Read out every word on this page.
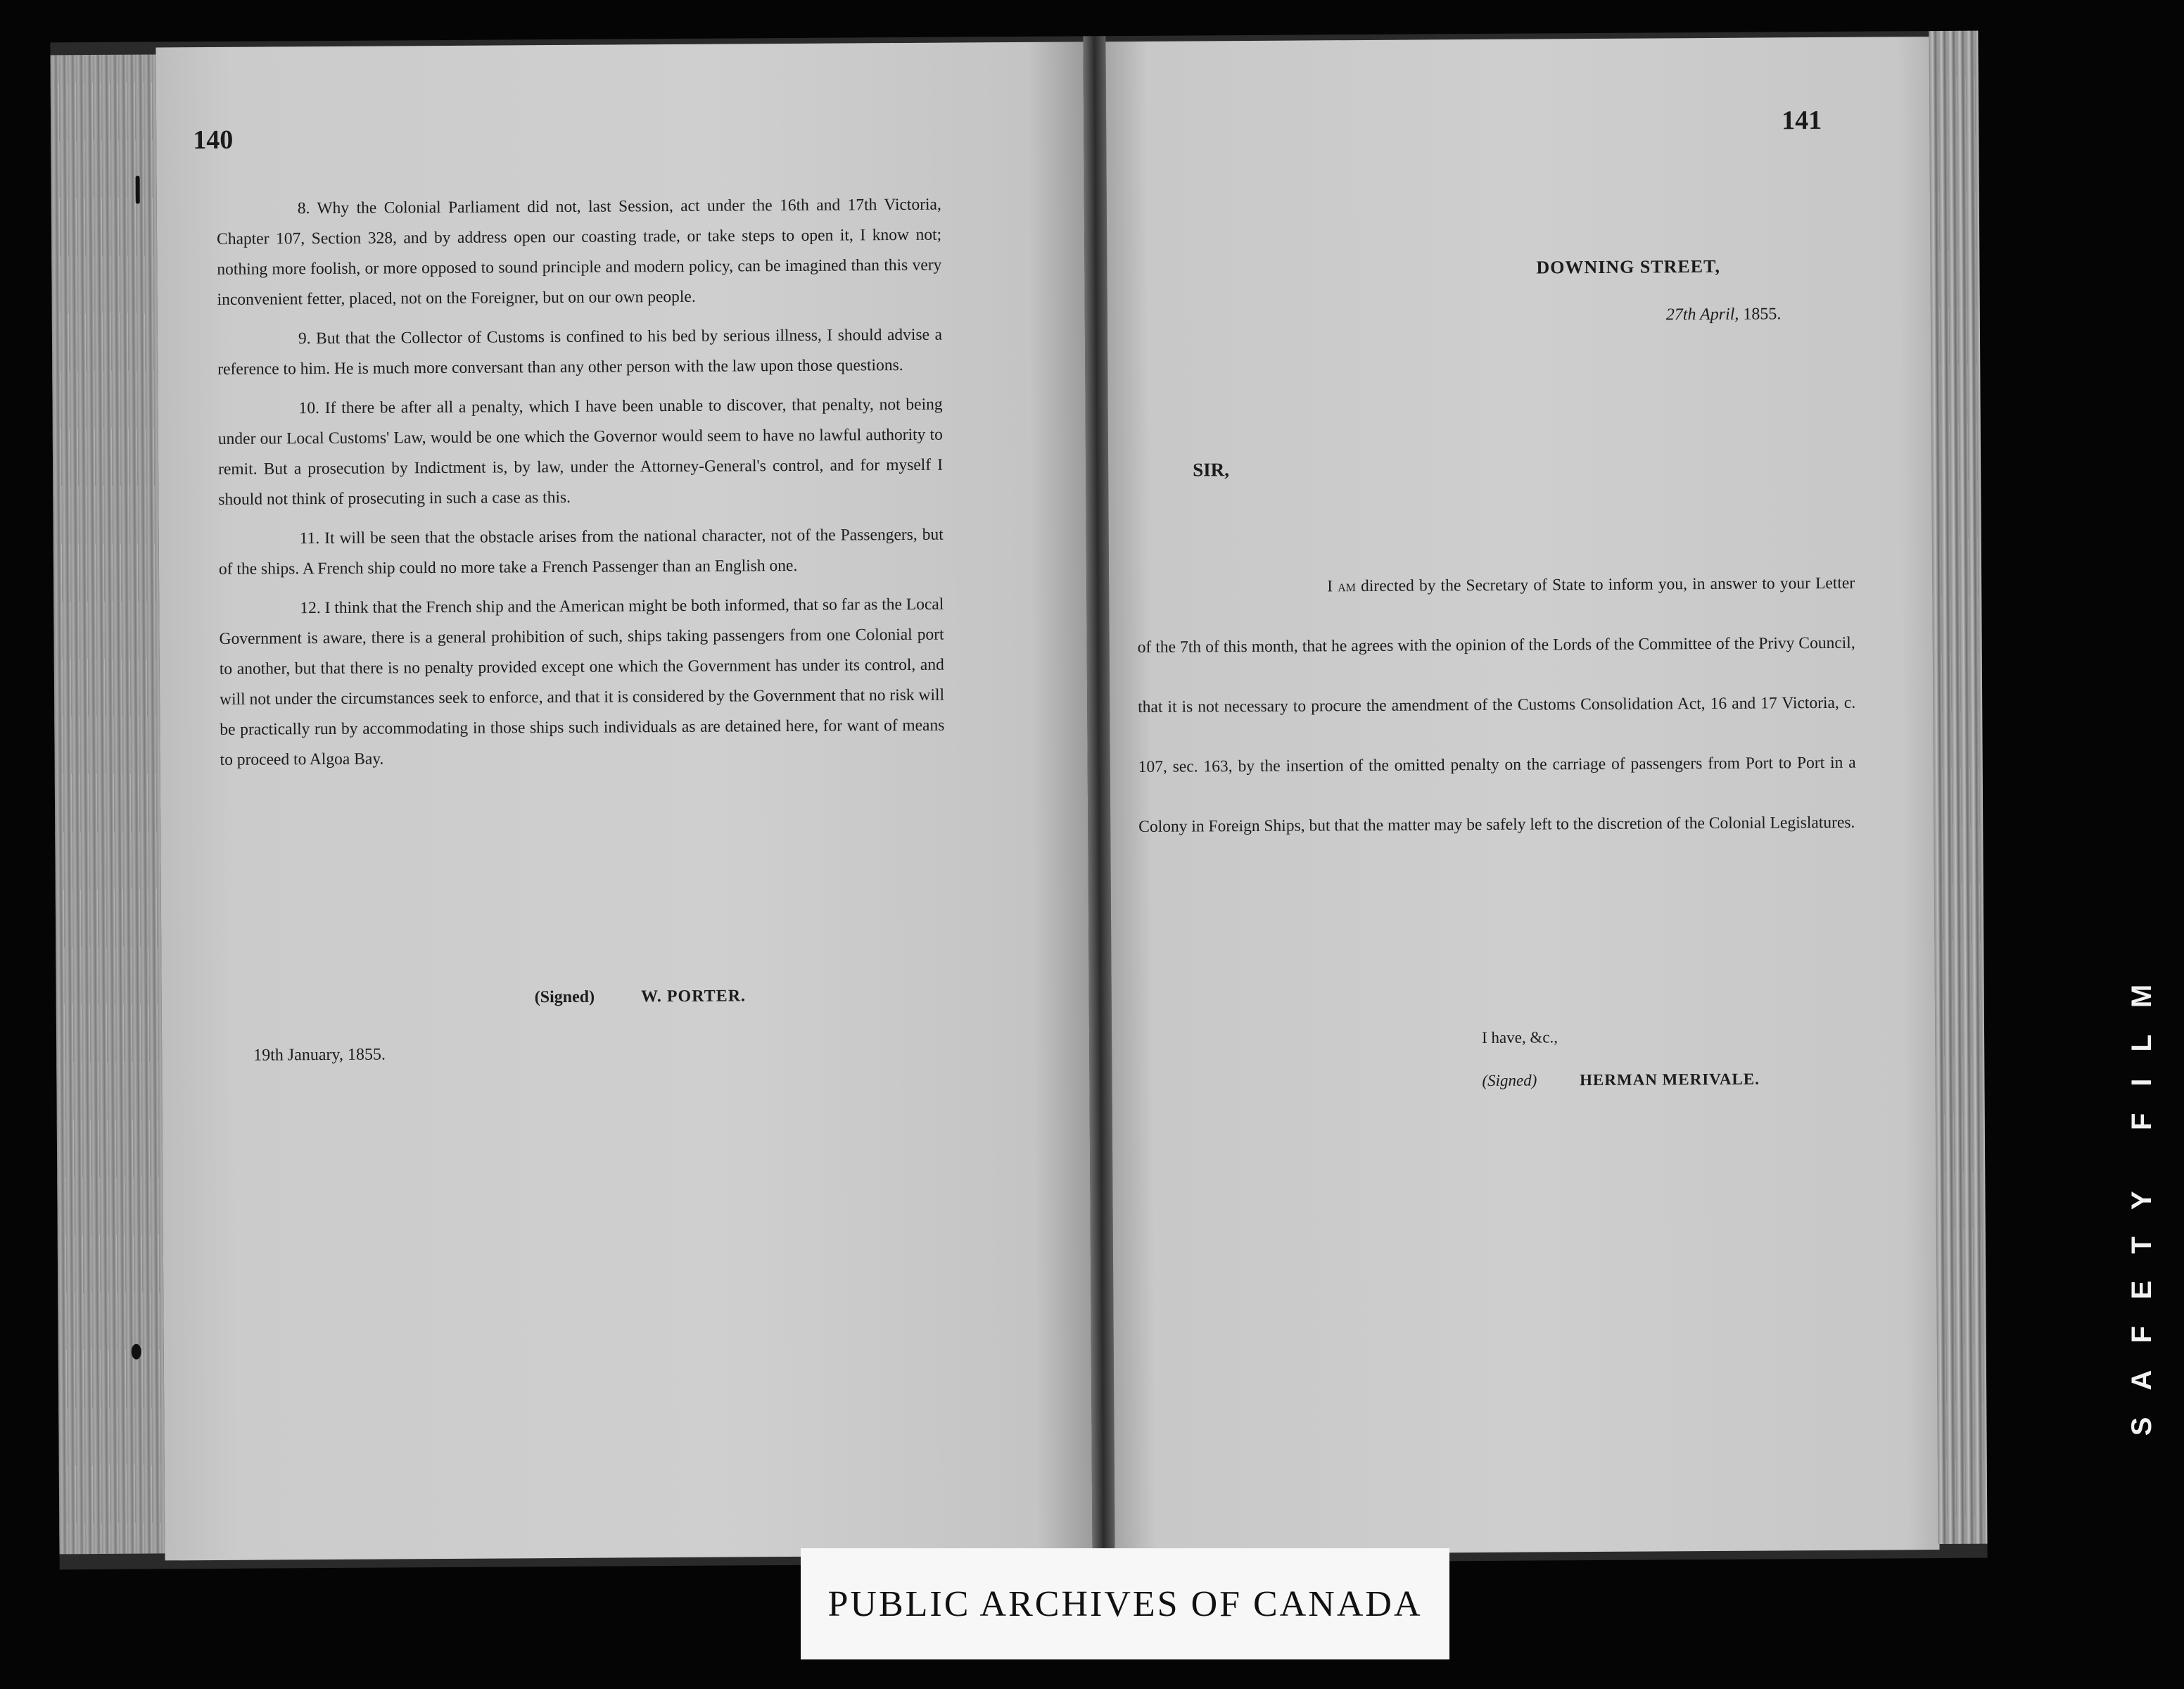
140

8. Why the Colonial Parliament did not, last Session, act under the 16th and 17th Victoria, Chapter 107, Section 328, and by address open our coasting trade, or take steps to open it, I know not; nothing more foolish, or more opposed to sound principle and modern policy, can be imagined than this very inconvenient fetter, placed, not on the Foreigner, but on our own people.

9. But that the Collector of Customs is confined to his bed by serious illness, I should advise a reference to him. He is much more conversant than any other person with the law upon those questions.

10. If there be after all a penalty, which I have been unable to discover, that penalty, not being under our Local Customs' Law, would be one which the Governor would seem to have no lawful authority to remit. But a prosecution by Indictment is, by law, under the Attorney-General's control, and for myself I should not think of prosecuting in such a case as this.

11. It will be seen that the obstacle arises from the national character, not of the Passengers, but of the ships. A French ship could no more take a French Passenger than an English one.

12. I think that the French ship and the American might be both informed, that so far as the Local Government is aware, there is a general prohibition of such, ships taking passengers from one Colonial port to another, but that there is no penalty provided except one which the Government has under its control, and will not under the circumstances seek to enforce, and that it is considered by the Government that no risk will be practically run by accommodating in those ships such individuals as are detained here, for want of means to proceed to Algoa Bay.

(Signed)	W. PORTER.
19th January, 1855.
141
DOWNING STREET,
27th April, 1855.
SIR,

I am directed by the Secretary of State to inform you, in answer to your Letter of the 7th of this month, that he agrees with the opinion of the Lords of the Committee of the Privy Council, that it is not necessary to procure the amendment of the Customs Consolidation Act, 16 and 17 Victoria, c. 107, sec. 163, by the insertion of the omitted penalty on the carriage of passengers from Port to Port in a Colony in Foreign Ships, but that the matter may be safely left to the discretion of the Colonial Legislatures.

I have, &c.,
(Signed)	HERMAN MERIVALE.
PUBLIC ARCHIVES OF CANADA
SAFETY FILM
